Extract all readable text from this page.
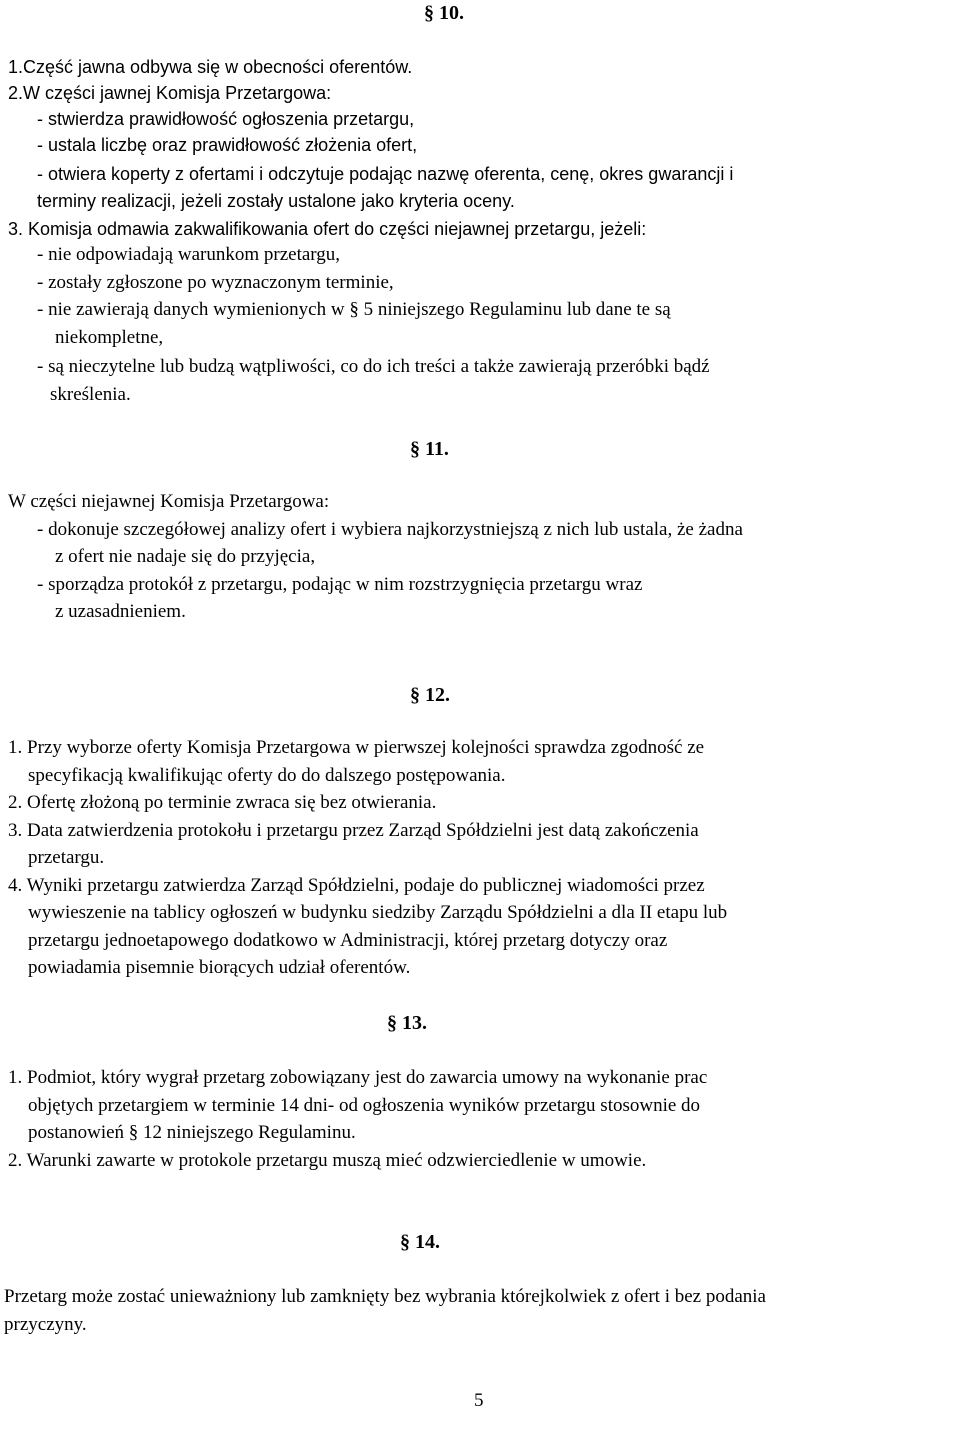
§ 10.
1.Część jawna odbywa się w obecności oferentów.
2.W części jawnej Komisja Przetargowa:
- stwierdza prawidłowość ogłoszenia przetargu,
- ustala liczbę oraz prawidłowość złożenia ofert,
- otwiera koperty z ofertami i odczytuje podając nazwę oferenta, cenę, okres gwarancji i
terminy realizacji, jeżeli zostały ustalone jako kryteria oceny.
3. Komisja odmawia zakwalifikowania ofert do części niejawnej przetargu, jeżeli:
- nie odpowiadają warunkom przetargu,
- zostały zgłoszone po wyznaczonym terminie,
- nie zawierają danych wymienionych w § 5 niniejszego Regulaminu lub dane te są
niekompletne,
- są nieczytelne lub budzą wątpliwości, co do ich treści a także zawierają przeróbki bądź
skreślenia.
§ 11.
W części niejawnej Komisja Przetargowa:
- dokonuje szczegółowej analizy ofert i wybiera najkorzystniejszą z nich lub ustala, że żadna
z ofert nie nadaje się do przyjęcia,
- sporządza protokół z przetargu, podając w nim rozstrzygnięcia przetargu wraz
z uzasadnieniem.
§ 12.
1. Przy wyborze oferty Komisja Przetargowa w pierwszej kolejności sprawdza zgodność ze
specyfikacją kwalifikując oferty do do dalszego postępowania.
2. Ofertę złożoną po terminie zwraca się bez otwierania.
3. Data zatwierdzenia protokołu i przetargu przez Zarząd Spółdzielni jest datą zakończenia
przetargu.
4. Wyniki przetargu zatwierdza Zarząd Spółdzielni, podaje do publicznej wiadomości przez
wywieszenie na tablicy ogłoszeń w budynku siedziby Zarządu Spółdzielni a dla II etapu lub
przetargu jednoetapowego dodatkowo w Administracji, której przetarg dotyczy oraz
powiadamia pisemnie biorących udział oferentów.
§ 13.
1. Podmiot, który wygrał przetarg zobowiązany jest do zawarcia umowy na wykonanie prac
objętych przetargiem w terminie 14 dni- od ogłoszenia wyników przetargu stosownie do
postanowień § 12 niniejszego Regulaminu.
2. Warunki zawarte w protokole przetargu muszą mieć odzwierciedlenie w umowie.
§ 14.
Przetarg może zostać unieważniony lub zamknięty bez wybrania którejkolwiek z ofert i bez podania
przyczyny.
5
